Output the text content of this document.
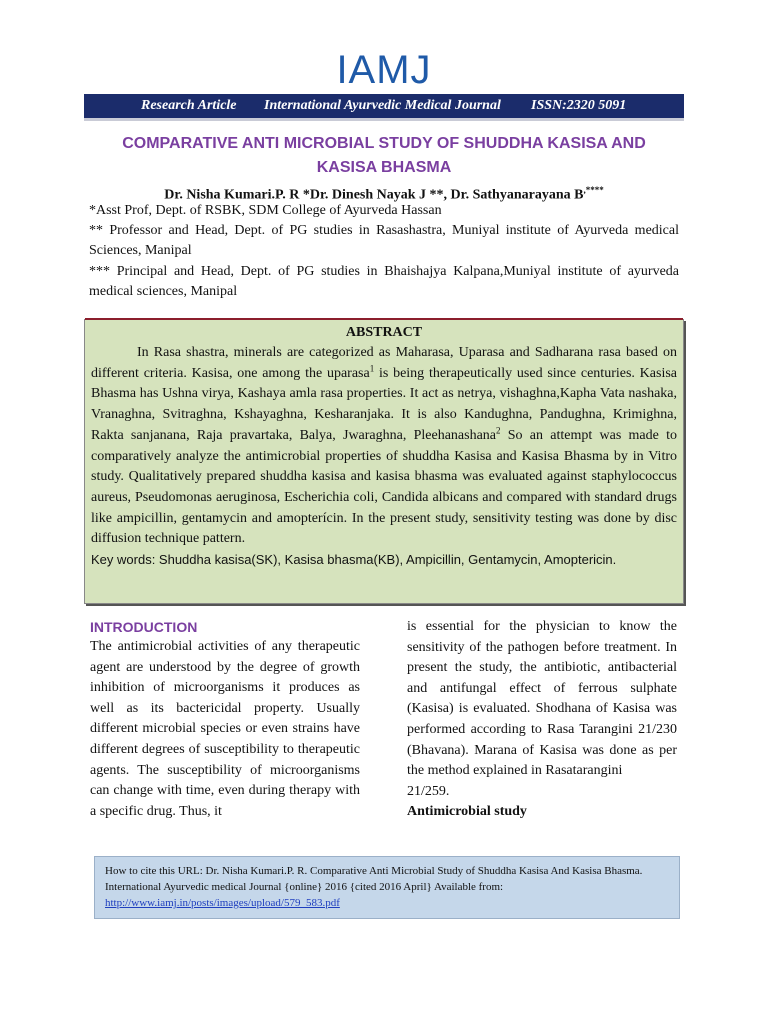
IAMJ
Research Article International Ayurvedic Medical Journal ISSN:2320 5091
COMPARATIVE ANTI MICROBIAL STUDY OF SHUDDHA KASISA AND
KASISA BHASMA
Dr. Nisha Kumari.P. R *Dr. Dinesh Nayak J **, Dr. Sathyanarayana B,****
*Asst Prof, Dept. of RSBK, SDM College of Ayurveda Hassan
** Professor and Head, Dept. of PG studies in Rasashastra, Muniyal institute of Ayurveda medical Sciences, Manipal
*** Principal and Head, Dept. of PG studies in Bhaishajya Kalpana,Muniyal institute of ayurveda medical sciences, Manipal
ABSTRACT
In Rasa shastra, minerals are categorized as Maharasa, Uparasa and Sadharana rasa based on different criteria. Kasisa, one among the uparasa$^1$ is being therapeutically used since centuries. Kasisa Bhasma has Ushna virya, Kashaya amla rasa properties. It act as netrya, vishaghna,Kapha Vata nashaka, Vranaghna, Svitraghna, Kshayaghna, Kesharanjaka. It is also Kandughna, Pandughna, Krimighna, Rakta sanjanana, Raja pravartaka, Balya, Jwaraghna, Pleehanashana$^2$ So an attempt was made to comparatively analyze the antimicrobial properties of shuddha Kasisa and Kasisa Bhasma by in Vitro study. Qualitatively prepared shuddha kasisa and kasisa bhasma was evaluated against staphylococcus aureus, Pseudomonas aeruginosa, Escherichia coli, Candida albicans and compared with standard drugs like ampicillin, gentamycin and amopterícin. In the present study, sensitivity testing was done by disc diffusion technique pattern.
Key words: Shuddha kasisa(SK), Kasisa bhasma(KB), Ampicillin, Gentamycin, Amoptericin.
INTRODUCTION
The antimicrobial activities of any therapeutic agent are understood by the degree of growth inhibition of microorganisms it produces as well as its bactericidal property. Usually different microbial species or even strains have different degrees of susceptibility to therapeutic agents. The susceptibility of microorganisms can change with time, even during therapy with a specific drug. Thus, it
is essential for the physician to know the sensitivity of the pathogen before treatment. In present the study, the antibiotic, antibacterial and antifungal effect of ferrous sulphate (Kasisa) is evaluated. Shodhana of Kasisa was performed according to Rasa Tarangini 21/230 (Bhavana). Marana of Kasisa was done as per the method explained in Rasatarangini
21/259.
Antimicrobial study
How to cite this URL: Dr. Nisha Kumari.P. R. Comparative Anti Microbial Study of Shuddha Kasisa And Kasisa Bhasma.
International Ayurvedic medical Journal {online} 2016 {cited 2016 April} Available from:
http://www.iamj.in/posts/images/upload/579_583.pdf
